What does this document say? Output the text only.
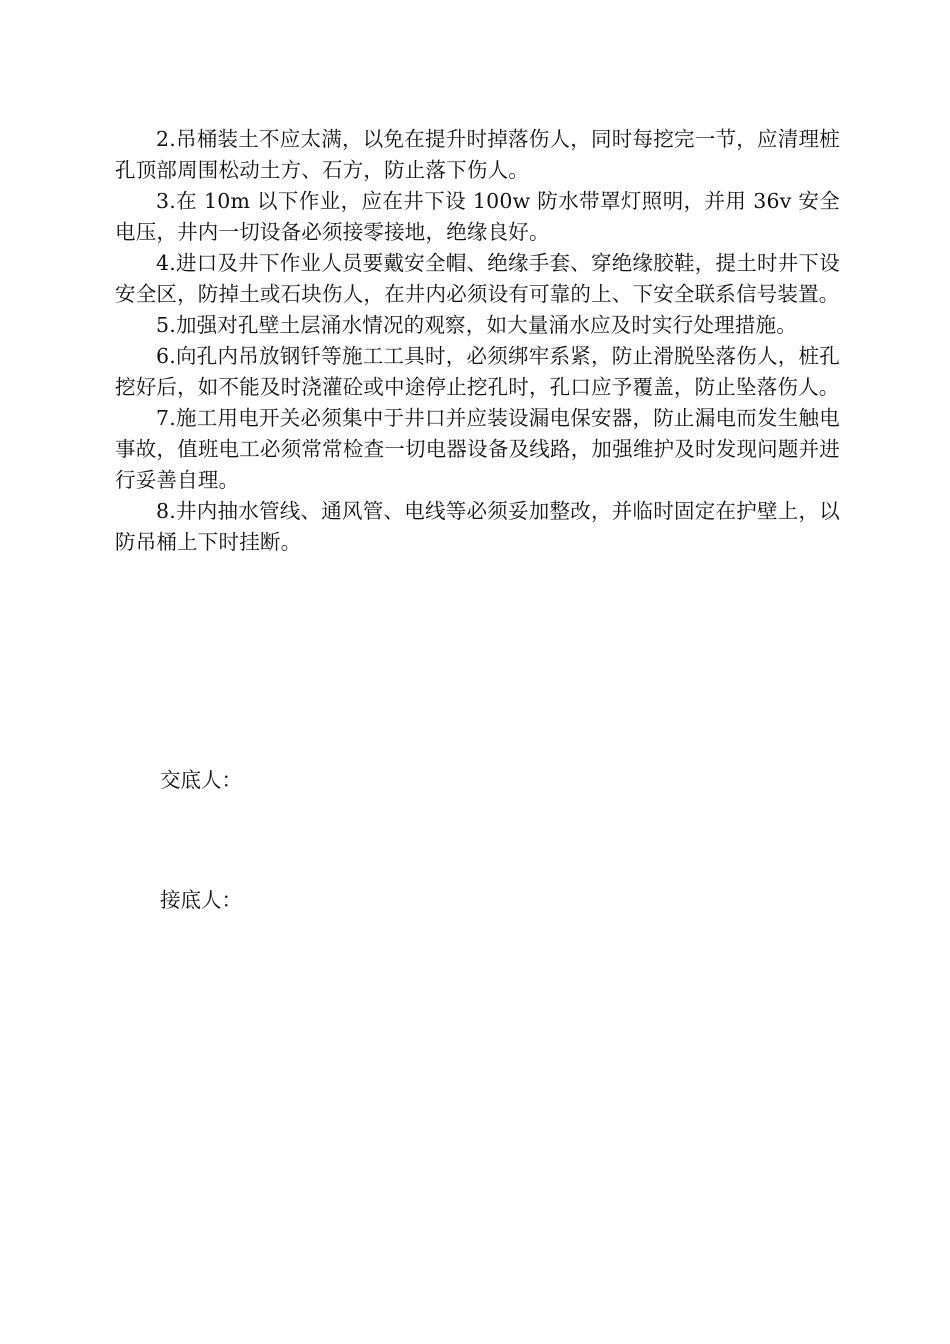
2.吊桶装土不应太满，以免在提升时掉落伤人，同时每挖完一节，应清理桩孔顶部周围松动土方、石方，防止落下伤人。

3.在 10m 以下作业，应在井下设 100w 防水带罩灯照明，并用 36v 安全电压，井内一切设备必须接零接地，绝缘良好。

4.进口及井下作业人员要戴安全帽、绝缘手套、穿绝缘胶鞋，提土时井下设安全区，防掉土或石块伤人，在井内必须设有可靠的上、下安全联系信号装置。

5.加强对孔壁土层涌水情况的观察，如大量涌水应及时实行处理措施。

6.向孔内吊放钢钎等施工工具时，必须绑牢系紧，防止滑脱坠落伤人，桩孔挖好后，如不能及时浇灌砼或中途停止挖孔时，孔口应予覆盖，防止坠落伤人。

7.施工用电开关必须集中于井口并应装设漏电保安器，防止漏电而发生触电事故，值班电工必须常常检查一切电器设备及线路，加强维护及时发现问题并进行妥善自理。

8.井内抽水管线、通风管、电线等必须妥加整改，并临时固定在护壁上，以防吊桶上下时挂断。

交底人：

接底人：
